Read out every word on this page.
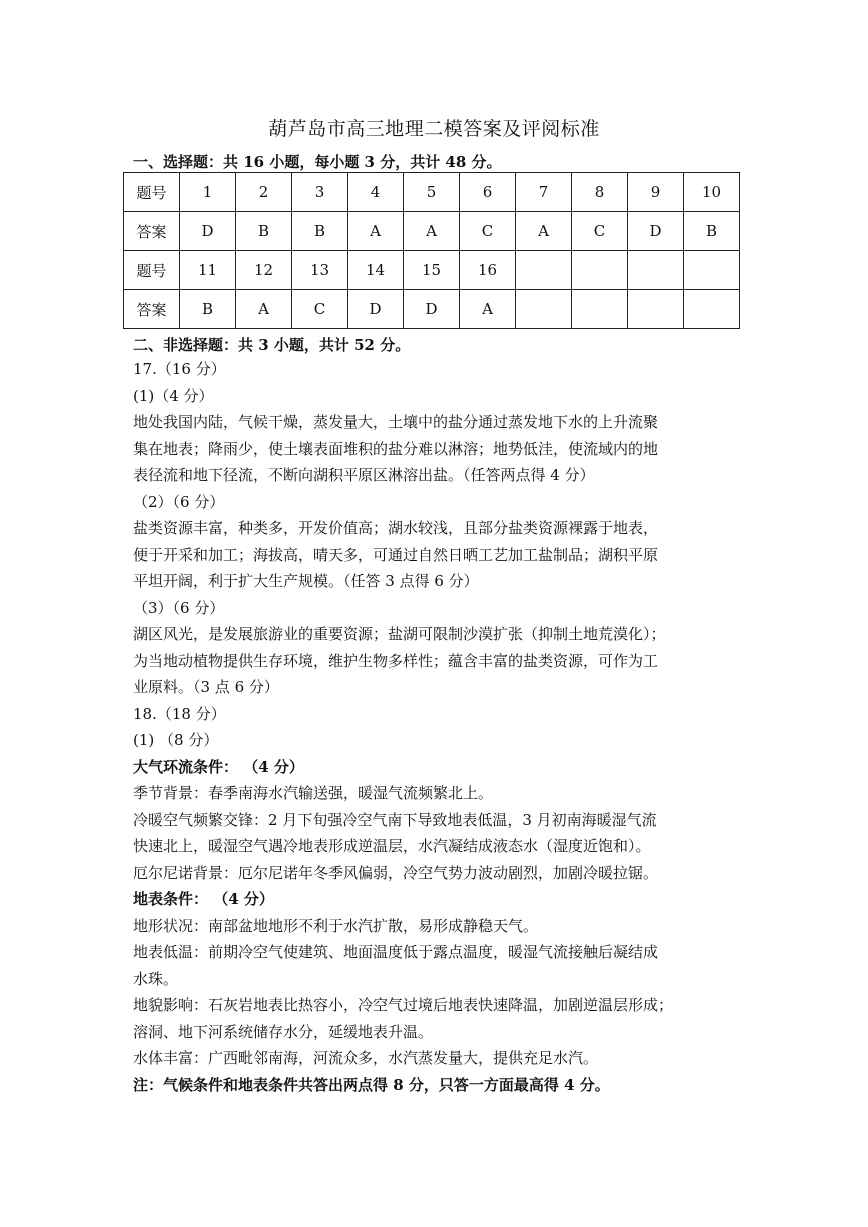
葫芦岛市高三地理二模答案及评阅标准
一、选择题：共 16 小题，每小题 3 分，共计 48 分。
题号	1	2	3	4	5	6	7	8	9	10
答案	D	B	B	A	A	C	A	C	D	B
题号	11	12	13	14	15	16				
答案	B	A	C	D	D	A				
二、非选择题：共 3 小题，共计 52 分。
17.（16 分）
(1)（4 分）
地处我国内陆，气候干燥，蒸发量大，土壤中的盐分通过蒸发地下水的上升流聚
集在地表；降雨少，使土壤表面堆积的盐分难以淋溶；地势低洼，使流域内的地
表径流和地下径流，不断向湖积平原区淋溶出盐。（任答两点得 4 分）
（2）（6 分）
盐类资源丰富，种类多，开发价值高；湖水较浅，且部分盐类资源裸露于地表，
便于开采和加工；海拔高，晴天多，可通过自然日晒工艺加工盐制品；湖积平原
平坦开阔，利于扩大生产规模。（任答 3 点得 6 分）
（3）（6 分）
湖区风光，是发展旅游业的重要资源；盐湖可限制沙漠扩张（抑制土地荒漠化）；
为当地动植物提供生存环境，维护生物多样性；蕴含丰富的盐类资源，可作为工
业原料。（3 点 6 分）
18.（18 分）
(1) （8 分）
大气环流条件： （4 分）
季节背景：春季南海水汽输送强，暖湿气流频繁北上。
冷暖空气频繁交锋：2 月下旬强冷空气南下导致地表低温，3 月初南海暖湿气流
快速北上，暖湿空气遇冷地表形成逆温层，水汽凝结成液态水（湿度近饱和）。
厄尔尼诺背景：厄尔尼诺年冬季风偏弱，冷空气势力波动剧烈，加剧冷暖拉锯。
地表条件： （4 分）
地形状况：南部盆地地形不利于水汽扩散，易形成静稳天气。
地表低温：前期冷空气使建筑、地面温度低于露点温度，暖湿气流接触后凝结成
水珠。
地貌影响：石灰岩地表比热容小，冷空气过境后地表快速降温，加剧逆温层形成；
溶洞、地下河系统储存水分，延缓地表升温。
水体丰富：广西毗邻南海，河流众多，水汽蒸发量大，提供充足水汽。
注：气候条件和地表条件共答出两点得 8 分，只答一方面最高得 4 分。
